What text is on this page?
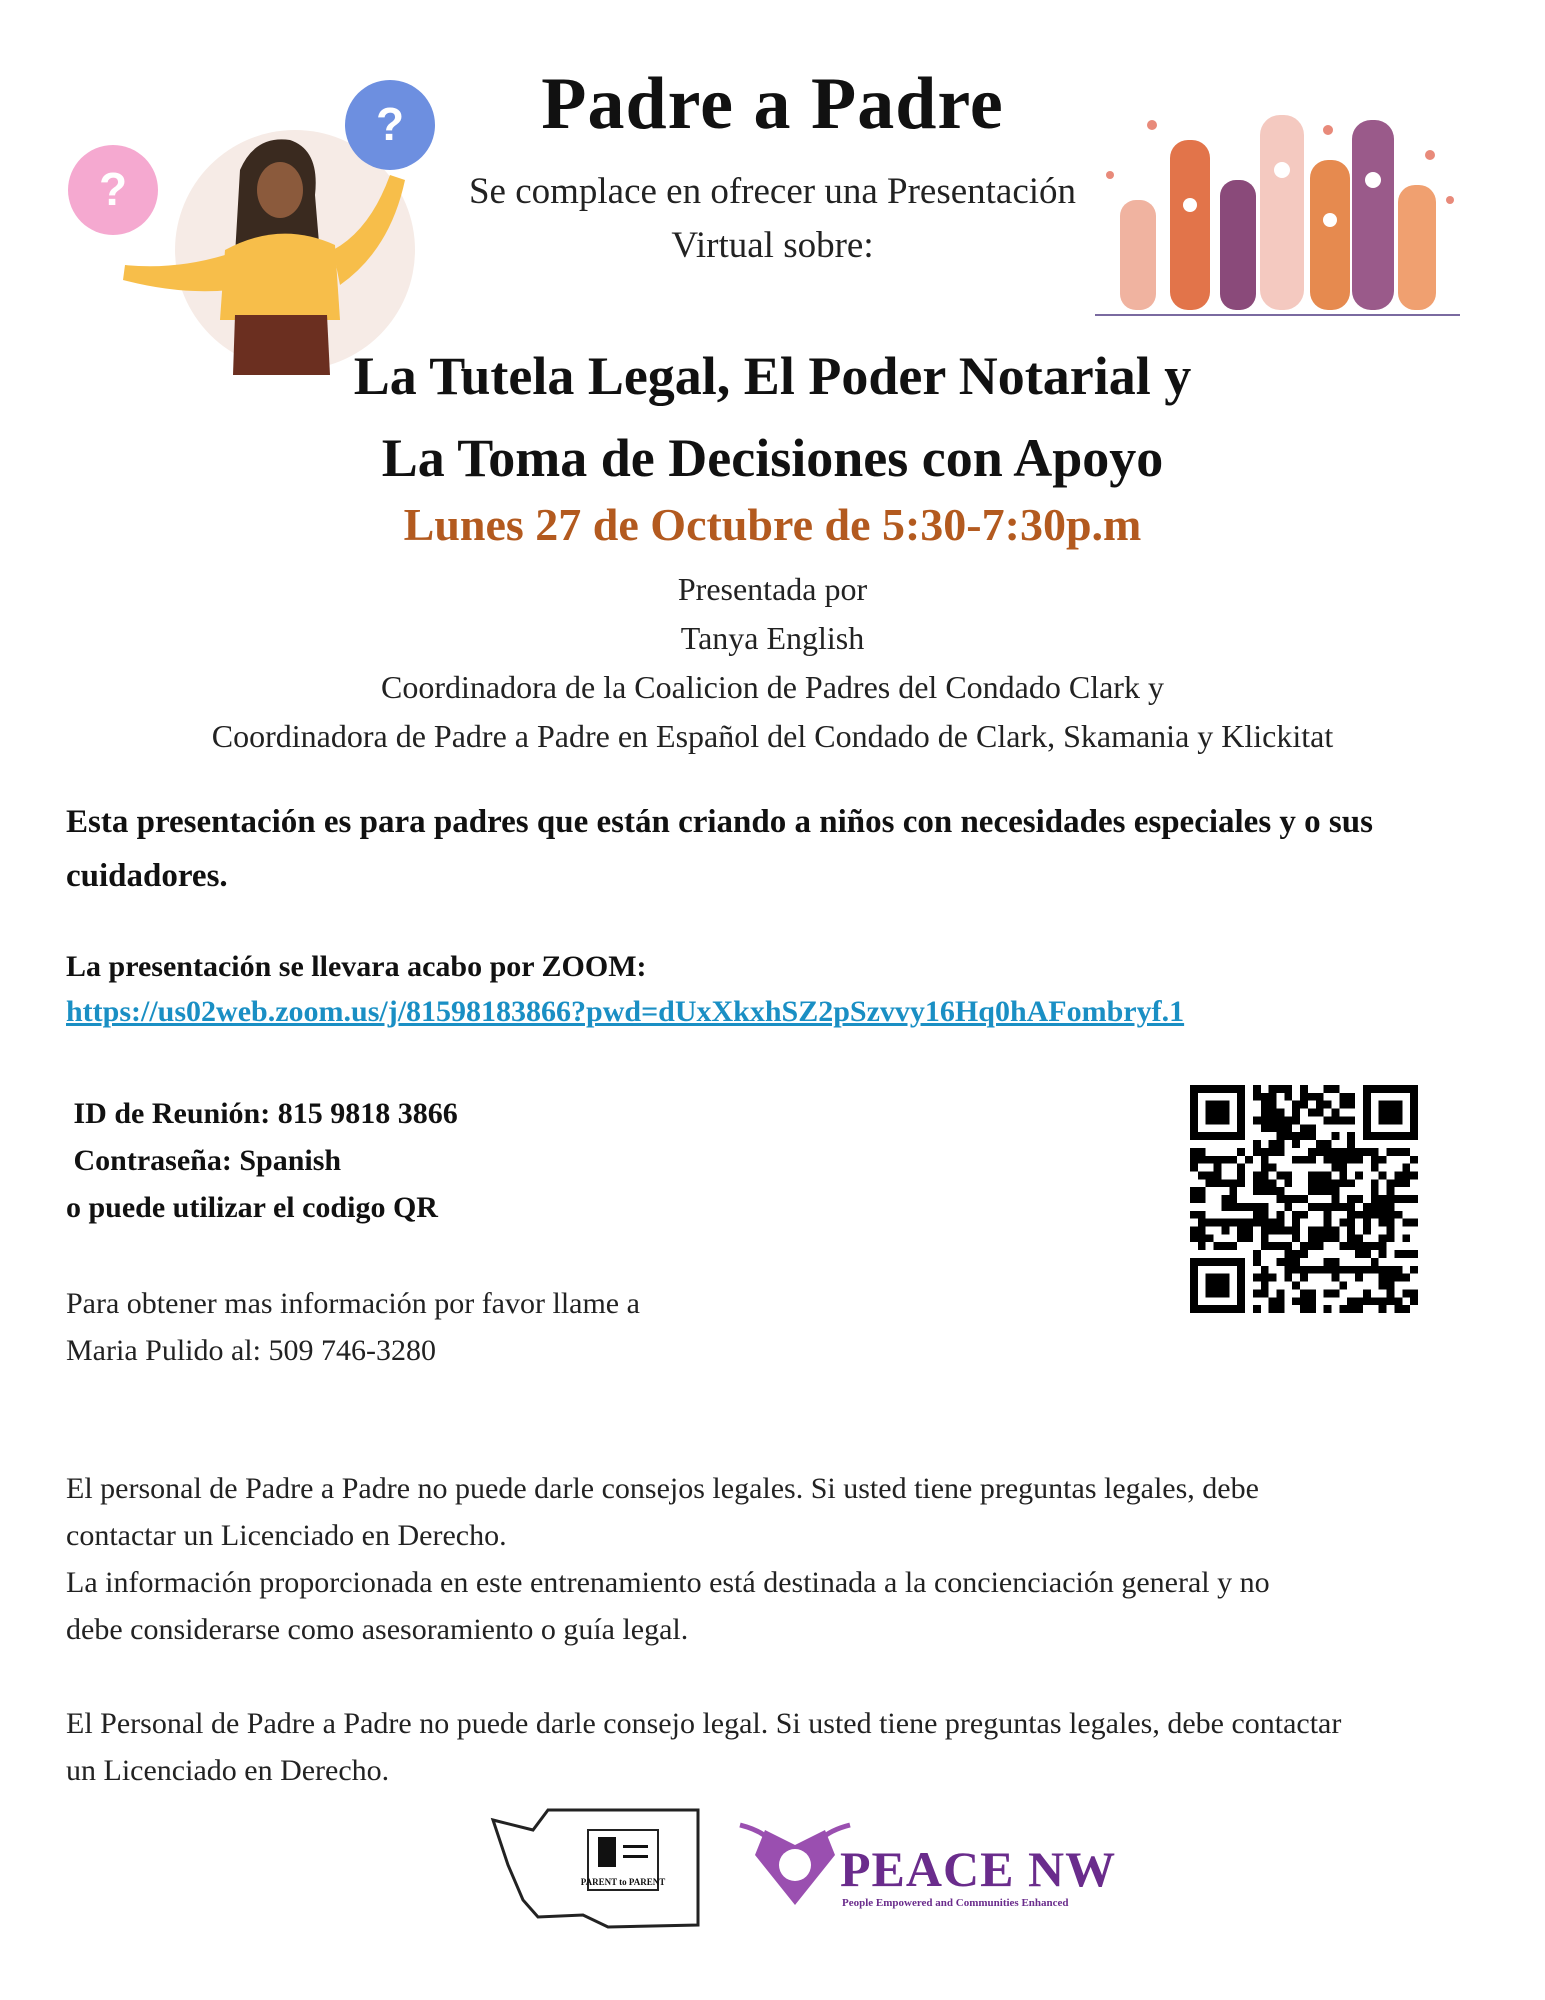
Padre a Padre
Se complace en ofrecer una Presentación
Virtual sobre:
?
?
La Tutela Legal, El Poder Notarial y
La Toma de Decisiones con Apoyo
Lunes 27 de Octubre de 5:30-7:30p.m
Presentada por
Tanya English
Coordinadora de la Coalicion de Padres del Condado Clark y
Coordinadora de Padre a Padre en Español del Condado de Clark, Skamania y Klickitat
Esta presentación es para padres que están criando a niños con necesidades especiales y o sus cuidadores.
La presentación se llevara acabo por ZOOM:
https://us02web.zoom.us/j/81598183866?pwd=dUxXkxhSZ2pSzvvy16Hq0hAFombryf.1
ID de Reunión: 815 9818 3866
Contraseña: Spanish
o puede utilizar el codigo QR
Para obtener mas información por favor llame a
Maria Pulido al: 509 746-3280

El personal de Padre a Padre no puede darle consejos legales. Si usted tiene preguntas legales, debe

contactar un Licenciado en Derecho.

La información proporcionada en este entrenamiento está destinada a la concienciación general y no

debe considerarse como asesoramiento o guía legal.

El Personal de Padre a Padre no puede darle consejo legal. Si usted tiene preguntas legales, debe contactar

un Licenciado en Derecho.

PARENT to PARENT	PEACE NW
People Empowered and Communities Enhanced
